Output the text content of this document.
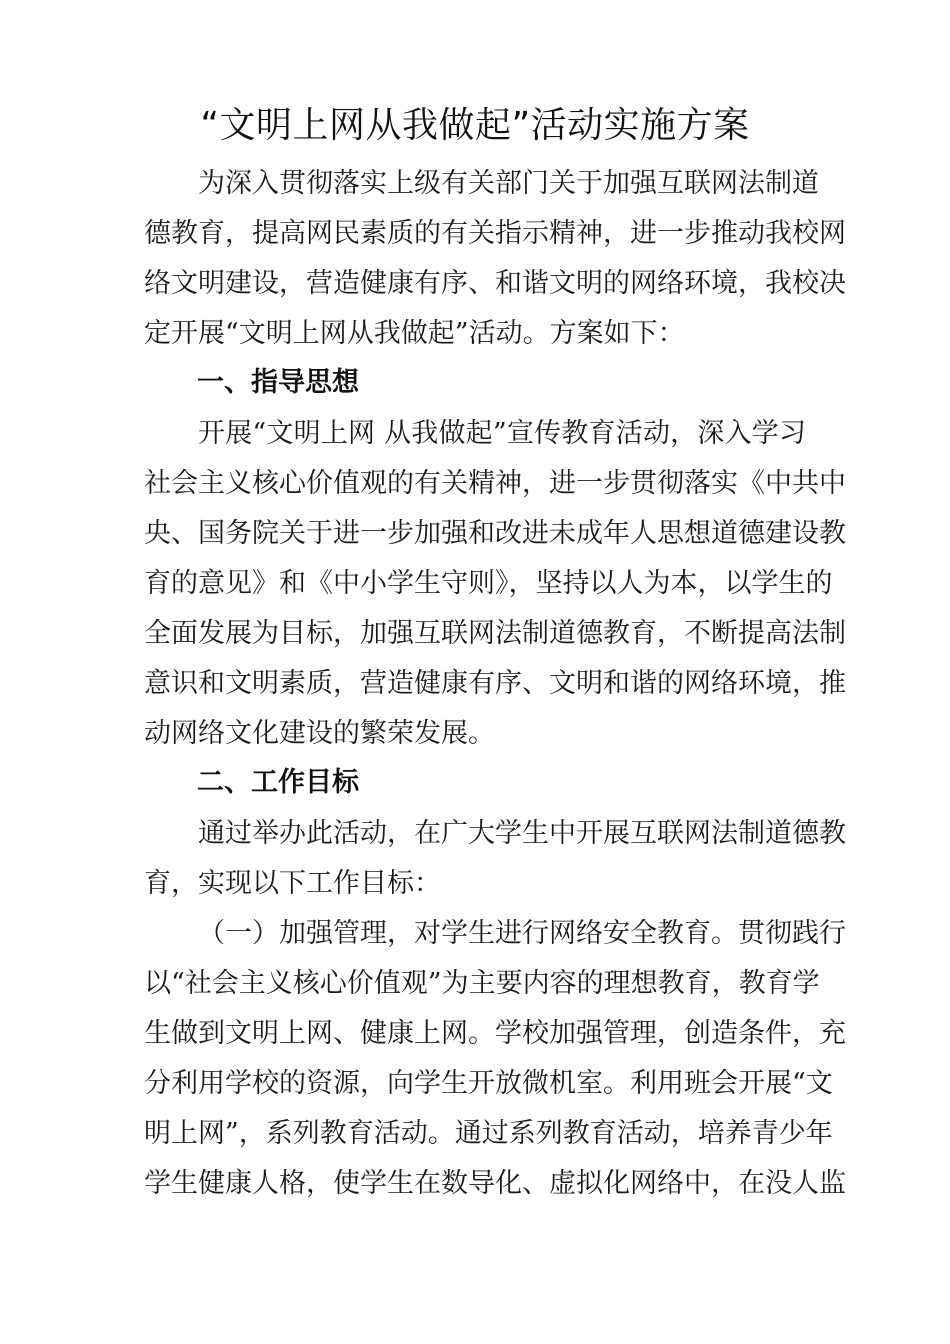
“文明上网从我做起”活动实施方案
为深入贯彻落实上级有关部门关于加强互联网法制道
德教育，提高网民素质的有关指示精神，进一步推动我校网
络文明建设，营造健康有序、和谐文明的网络环境，我校决
定开展“文明上网从我做起”活动。方案如下：
一、指导思想
开展“文明上网 从我做起”宣传教育活动，深入学习
社会主义核心价值观的有关精神，进一步贯彻落实《中共中
央、国务院关于进一步加强和改进未成年人思想道德建设教
育的意见》和《中小学生守则》，坚持以人为本，以学生的
全面发展为目标，加强互联网法制道德教育，不断提高法制
意识和文明素质，营造健康有序、文明和谐的网络环境，推
动网络文化建设的繁荣发展。
二、工作目标
通过举办此活动，在广大学生中开展互联网法制道德教
育，实现以下工作目标：
（一）加强管理，对学生进行网络安全教育。贯彻践行
以“社会主义核心价值观”为主要内容的理想教育，教育学
生做到文明上网、健康上网。学校加强管理，创造条件，充
分利用学校的资源，向学生开放微机室。利用班会开展“文
明上网”，系列教育活动。通过系列教育活动，培养青少年
学生健康人格，使学生在数导化、虚拟化网络中，在没人监
